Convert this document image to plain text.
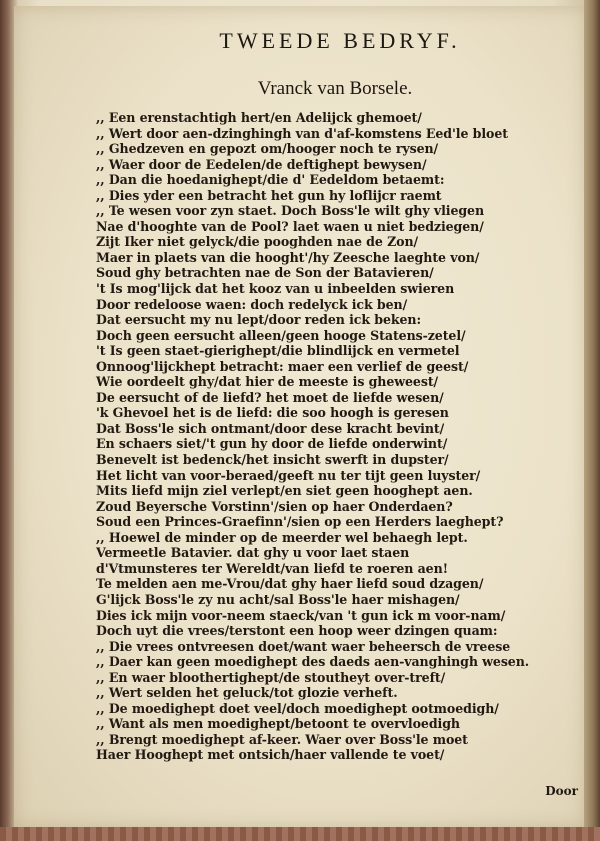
TWEEDE BEDRYF.
Vranck van Borsele.
,, Een erenstachtigh hert/en Adelijck ghemoet/
,, Wert door aen-dzinghingh van d'af-komstens Eed'le bloet
,, Ghedzeven en gepozt om/hooger noch te rysen/
,, Waer door de Eedelen/de deftighept bewysen/
,, Dan die hoedanighept/die d' Eedeldom betaemt:
,, Dies yder een betracht het gun hy loflijcr raemt
,, Te wesen voor zyn staet. Doch Boss'le wilt ghy vliegen
Nae d'hooghte van de Pool? laet waen u niet bedziegen/
Zijt Iker niet gelyck/die pooghden nae de Zon/
Maer in plaets van die hooght'/hy Zeesche laeghte von/
Soud ghy betrachten nae de Son der Batavieren/
't Is mog'lijck dat het kooz van u inbeelden swieren
Door redeloose waen: doch redelyck ick ben/
Dat eersucht my nu lept/door reden ick beken:
Doch geen eersucht alleen/geen hooge Statens-zetel/
't Is geen staet-gierighept/die blindlijck en vermetel
Onnoog'lijckhept betracht: maer een verlief de geest/
Wie oordeelt ghy/dat hier de meeste is gheweest/
De eersucht of de liefd? het moet de liefde wesen/
'k Ghevoel het is de liefd: die soo hoogh is geresen
Dat Boss'le sich ontmant/door dese kracht bevint/
En schaers siet/'t gun hy door de liefde onderwint/
Benevelt ist bedenck/het insicht swerft in dupster/
Het licht van voor-beraed/geeft nu ter tijt geen luyster/
Mits liefd mijn ziel verlept/en siet geen hooghept aen.
Zoud Beyersche Vorstinn'/sien op haer Onderdaen?
Soud een Princes-Graefinn'/sien op een Herders laeghept?
,, Hoewel de minder op de meerder wel behaegh lept.
Vermeetle Batavier. dat ghy u voor laet staen
d'Vtmunsteres ter Wereldt/van liefd te roeren aen!
Te melden aen me-Vrou/dat ghy haer liefd soud dzagen/
G'lijck Boss'le zy nu acht/sal Boss'le haer mishagen/
Dies ick mijn voor-neem staeck/van 't gun ick m voor-nam/
Doch uyt die vrees/terstont een hoop weer dzingen quam:
,, Die vrees ontvreesen doet/want waer beheersch de vreese
,, Daer kan geen moedighept des daeds aen-vanghingh wesen.
,, En waer bloothertighept/de stoutheyt over-treft/
,, Wert selden het geluck/tot glozie verheft.
,, De moedighept doet veel/doch moedighept ootmoedigh/
,, Want als men moedighept/betoont te overvloedigh
,, Brengt moedighept af-keer. Waer over Boss'le moet
Haer Hooghept met ontsich/haer vallende te voet/
Door
